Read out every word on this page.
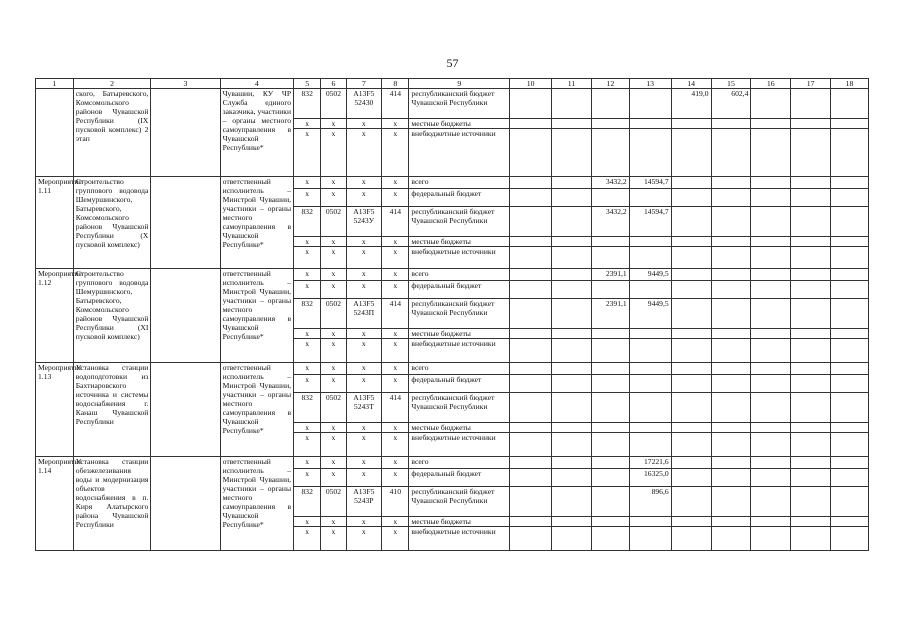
57
1	2	3	4	5	6	7	8	9	10	11	12	13	14	15	16	17	18
	ского, Батыревского, Комсомольского районов Чувашской Республики (IX пусковой комплекс) 2 этап		Чувашии, КУ ЧР Служба единого заказчика, участники – органы местного самоуправления в Чувашской Республике*	832	0502	А13F5 52430	414	республиканский бюджет Чувашской Республики					419,0	602,4			
				х	х	х	х	местные бюджеты									
				х	х	х	х	внебюджетные источники									
Мероприятие 1.11	Строительство группового водовода Шемуршинского, Батыревского, Комсомольского районов Чувашской Республики (Х пусковой комплекс)		ответственный исполнитель – Минстрой Чувашии, участники – органы местного самоуправления в Чувашской Республике*	х	х	х	х	всего			3432,2	14594,7					
				х	х	х	х	федеральный бюджет									
				832	0502	А13F5 5243У	414	республиканский бюджет Чувашской Республики			3432,2	14594,7					
				х	х	х	х	местные бюджеты									
				х	х	х	х	внебюджетные источники									
Мероприятие 1.12	Строительство группового водовода Шемуршинского, Батыревского, Комсомольского районов Чувашской Республики (XI пусковой комплекс)		ответственный исполнитель – Минстрой Чувашии, участники – органы местного самоуправления в Чувашской Республике*	х	х	х	х	всего			2391,1	9449,5					
				х	х	х	х	федеральный бюджет									
				832	0502	А13F5 5243П	414	республиканский бюджет Чувашской Республики			2391,1	9449,5					
				х	х	х	х	местные бюджеты									
				х	х	х	х	внебюджетные источники									
Мероприятие 1.13	Установка станции водоподготовки из Бахтиаровского источника и системы водоснабжения г. Канаш Чувашской Республики		ответственный исполнитель – Минстрой Чувашии, участники – органы местного самоуправления в Чувашской Республике*	х	х	х	х	всего									
				х	х	х	х	федеральный бюджет									
				832	0502	А13F5 5243Т	414	республиканский бюджет Чувашской Республики									
				х	х	х	х	местные бюджеты									
				х	х	х	х	внебюджетные источники									
Мероприятие 1.14	Установка станции обезжелезивания воды и модернизация объектов водоснабжения в п. Киря Алатырского района Чувашской Республики		ответственный исполнитель – Минстрой Чувашии, участники – органы местного самоуправления в Чувашской Республике*	х	х	х	х	всего				17221,6					
				х	х	х	х	федеральный бюджет				16325,0					
				832	0502	А13F5 5243Р	410	республиканский бюджет Чувашской Республики				896,6					
				х	х	х	х	местные бюджеты									
				х	х	х	х	внебюджетные источники									
